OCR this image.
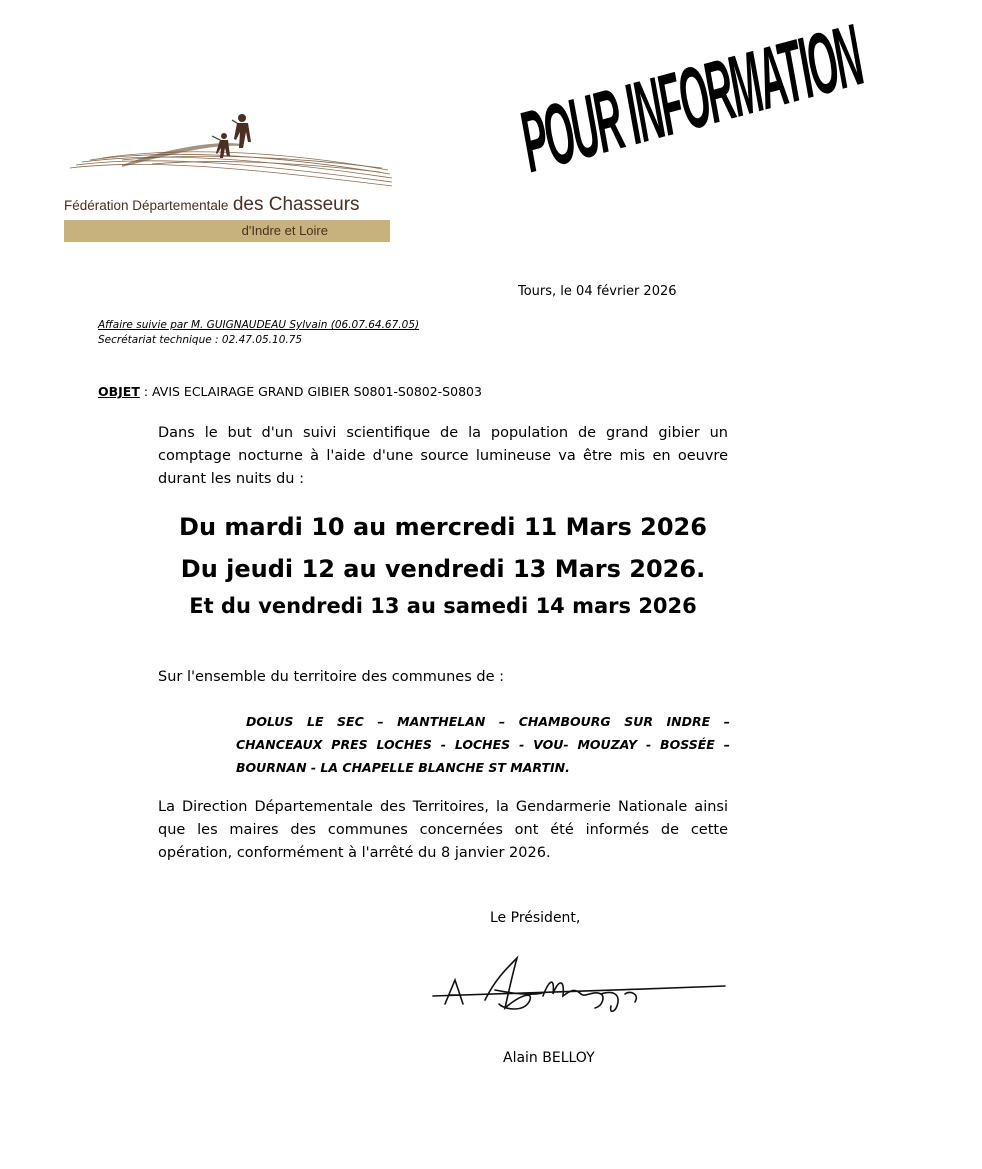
Fédération Départementale des Chasseurs
d'Indre et Loire
POUR INFORMATION
Tours, le 04 février 2026
Affaire suivie par M. GUIGNAUDEAU Sylvain (06.07.64.67.05)
Secrétariat technique : 02.47.05.10.75
OBJET : AVIS ECLAIRAGE GRAND GIBIER S0801-S0802-S0803
Dans le but d'un suivi scientifique de la population de grand gibier un comptage nocturne à l'aide d'une source lumineuse va être mis en oeuvre durant les nuits du :
Du mardi 10 au mercredi 11 Mars 2026
Du jeudi 12 au vendredi 13 Mars 2026.
Et du vendredi 13 au samedi 14 mars 2026
Sur l'ensemble du territoire des communes de :
DOLUS LE SEC – MANTHELAN – CHAMBOURG SUR INDRE – CHANCEAUX PRES LOCHES - LOCHES - VOU- MOUZAY - BOSSÉE – BOURNAN - LA CHAPELLE BLANCHE ST MARTIN.
La Direction Départementale des Territoires, la Gendarmerie Nationale ainsi que les maires des communes concernées ont été informés de cette opération, conformément à l'arrêté du 8 janvier 2026.
Le Président,
Alain BELLOY
